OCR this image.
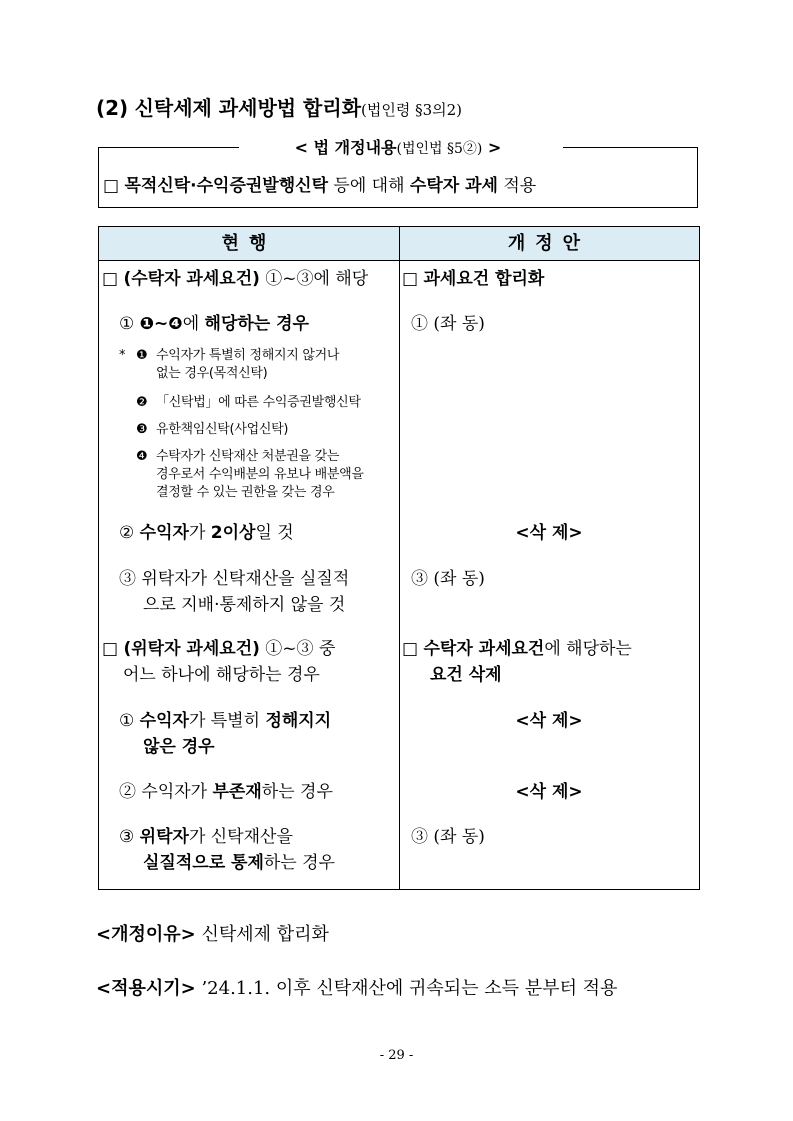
(2) 신탁세제 과세방법 합리화(법인령 §3의2)
< 법 개정내용(법인법 §5②) >
□ 목적신탁·수익증권발행신탁 등에 대해 수탁자 과세 적용
현행	개정안
□ (수탁자 과세요건) ①~③에 해당
① ❶~❹에 해당하는 경우
* ❶ 수익자가 특별히 정해지지 않거나
없는 경우(목적신탁)
❷ 「신탁법」에 따른 수익증권발행신탁
❸ 유한책임신탁(사업신탁)
❹ 수탁자가 신탁재산 처분권을 갖는
경우로서 수익배분의 유보나 배분액을
결정할 수 있는 권한을 갖는 경우
② 수익자가 2이상일 것
③ 위탁자가 신탁재산을 실질적
으로 지배·통제하지 않을 것
□ (위탁자 과세요건) ①~③ 중
어느 하나에 해당하는 경우
① 수익자가 특별히 정해지지
않은 경우
② 수익자가 부존재하는 경우
③ 위탁자가 신탁재산을
실질적으로 통제하는 경우
□ 과세요건 합리화
① (좌 동)
<삭 제>
③ (좌 동)
□ 수탁자 과세요건에 해당하는
요건 삭제
<삭 제>
<삭 제>
③ (좌 동)
<개정이유> 신탁세제 합리화
<적용시기> ’24.1.1. 이후 신탁재산에 귀속되는 소득 분부터 적용
- 29 -
